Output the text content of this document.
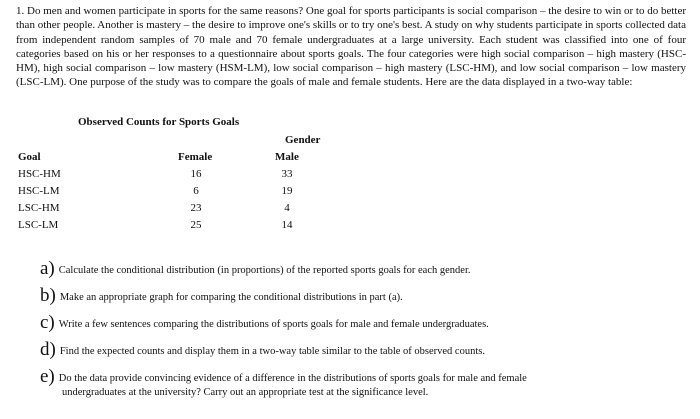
1. Do men and women participate in sports for the same reasons? One goal for sports participants is social comparison – the desire to win or to do better than other people. Another is mastery – the desire to improve one's skills or to try one's best. A study on why students participate in sports collected data from independent random samples of 70 male and 70 female undergraduates at a large university. Each student was classified into one of four categories based on his or her responses to a questionnaire about sports goals. The four categories were high social comparison – high mastery (HSC-HM), high social comparison – low mastery (HSM-LM), low social comparison – high mastery (LSC-HM), and low social comparison – low mastery (LSC-LM). One purpose of the study was to compare the goals of male and female students. Here are the data displayed in a two-way table:

Observed Counts for Sports Goals
Gender
Goal	Female	Male
HSC-HM	16	33
HSC-LM	6	19
LSC-HM	23	4
LSC-LM	25	14
a) Calculate the conditional distribution (in proportions) of the reported sports goals for each gender.
b) Make an appropriate graph for comparing the conditional distributions in part (a).
c) Write a few sentences comparing the distributions of sports goals for male and female undergraduates.
d) Find the expected counts and display them in a two-way table similar to the table of observed counts.
e) Do the data provide convincing evidence of a difference in the distributions of sports goals for male and female
undergraduates at the university? Carry out an appropriate test at the significance level.
